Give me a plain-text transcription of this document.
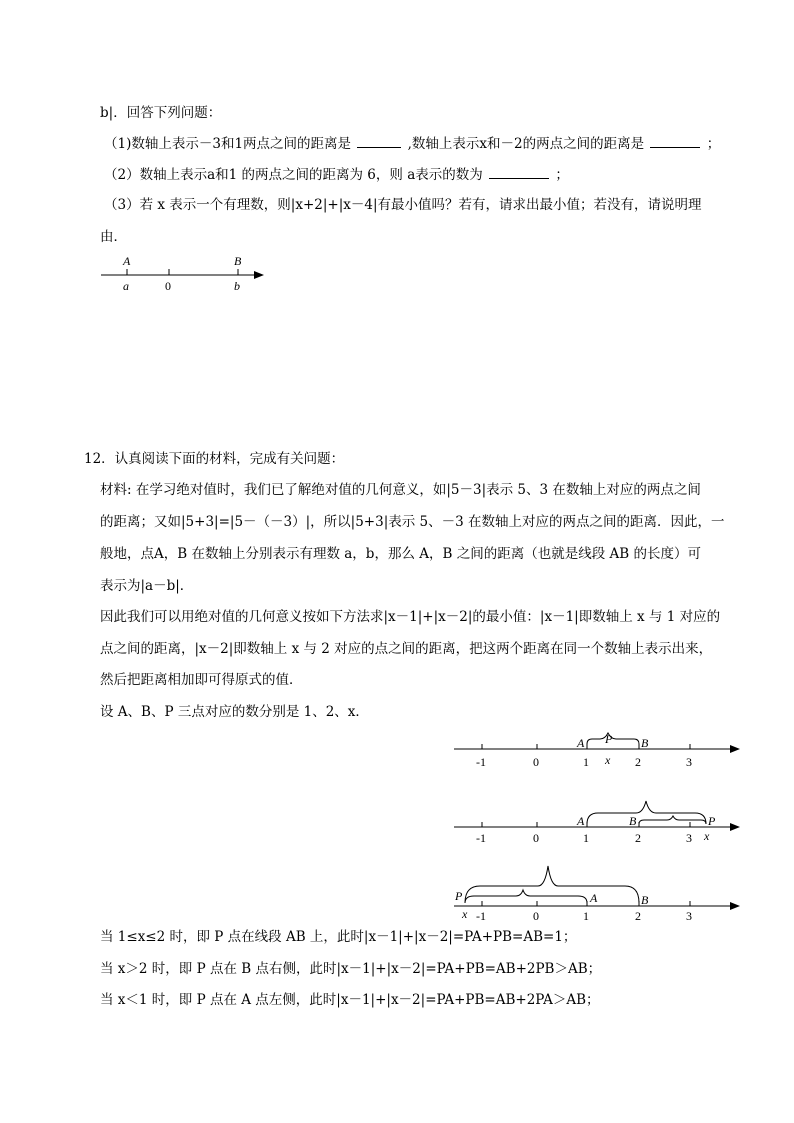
b|．回答下列问题：
（1)数轴上表示－3和1两点之间的距离是	,数轴上表示x和－2的两点之间的距离是	；
（2）数轴上表示a和1 的两点之间的距离为 6，则 a表示的数为	；
（3）若 x 表示一个有理数，则|x+2|+|x－4|有最小值吗？若有，请求出最小值；若没有，请说明理
由．
A	B
a	0	b
12．认真阅读下面的材料，完成有关问题：
材料: 在学习绝对值时，我们已了解绝对值的几何意义，如|5－3|表示 5、3 在数轴上对应的两点之间
的距离；又如|5+3|=|5－（－3）|，所以|5+3|表示 5、－3 在数轴上对应的两点之间的距离．因此，一
般地，点A，B 在数轴上分别表示有理数 a，b，那么 A，B 之间的距离（也就是线段 AB 的长度）可
表示为|a－b|．
因此我们可以用绝对值的几何意义按如下方法求|x－1|+|x－2|的最小值：|x－1|即数轴上 x 与 1 对应的
点之间的距离，|x－2|即数轴上 x 与 2 对应的点之间的距离，把这两个距离在同一个数轴上表示出来，
然后把距离相加即可得原式的值．
设 A、B、P 三点对应的数分别是 1、2、x．
-1	0	1	2	3
A P B
x
-1	0	1	2	3
A	B	P
x
-1	0	1	2	3
P
x
A	B
当 1≤x≤2 时，即 P 点在线段 AB 上，此时|x－1|+|x－2|=PA+PB=AB=1；
当 x＞2 时，即 P 点在 B 点右侧，此时|x－1|+|x－2|=PA+PB=AB+2PB＞AB；
当 x＜1 时，即 P 点在 A 点左侧，此时|x－1|+|x－2|=PA+PB=AB+2PA＞AB；
